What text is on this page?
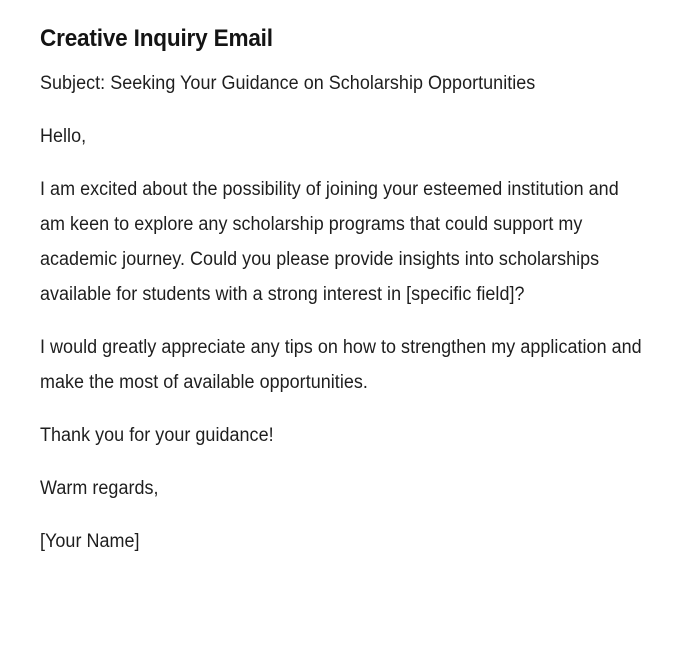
Creative Inquiry Email

Subject: Seeking Your Guidance on Scholarship Opportunities

Hello,

I am excited about the possibility of joining your esteemed institution and am keen to explore any scholarship programs that could support my academic journey. Could you please provide insights into scholarships available for students with a strong interest in [specific field]?

I would greatly appreciate any tips on how to strengthen my application and make the most of available opportunities.

Thank you for your guidance!

Warm regards,

[Your Name]
